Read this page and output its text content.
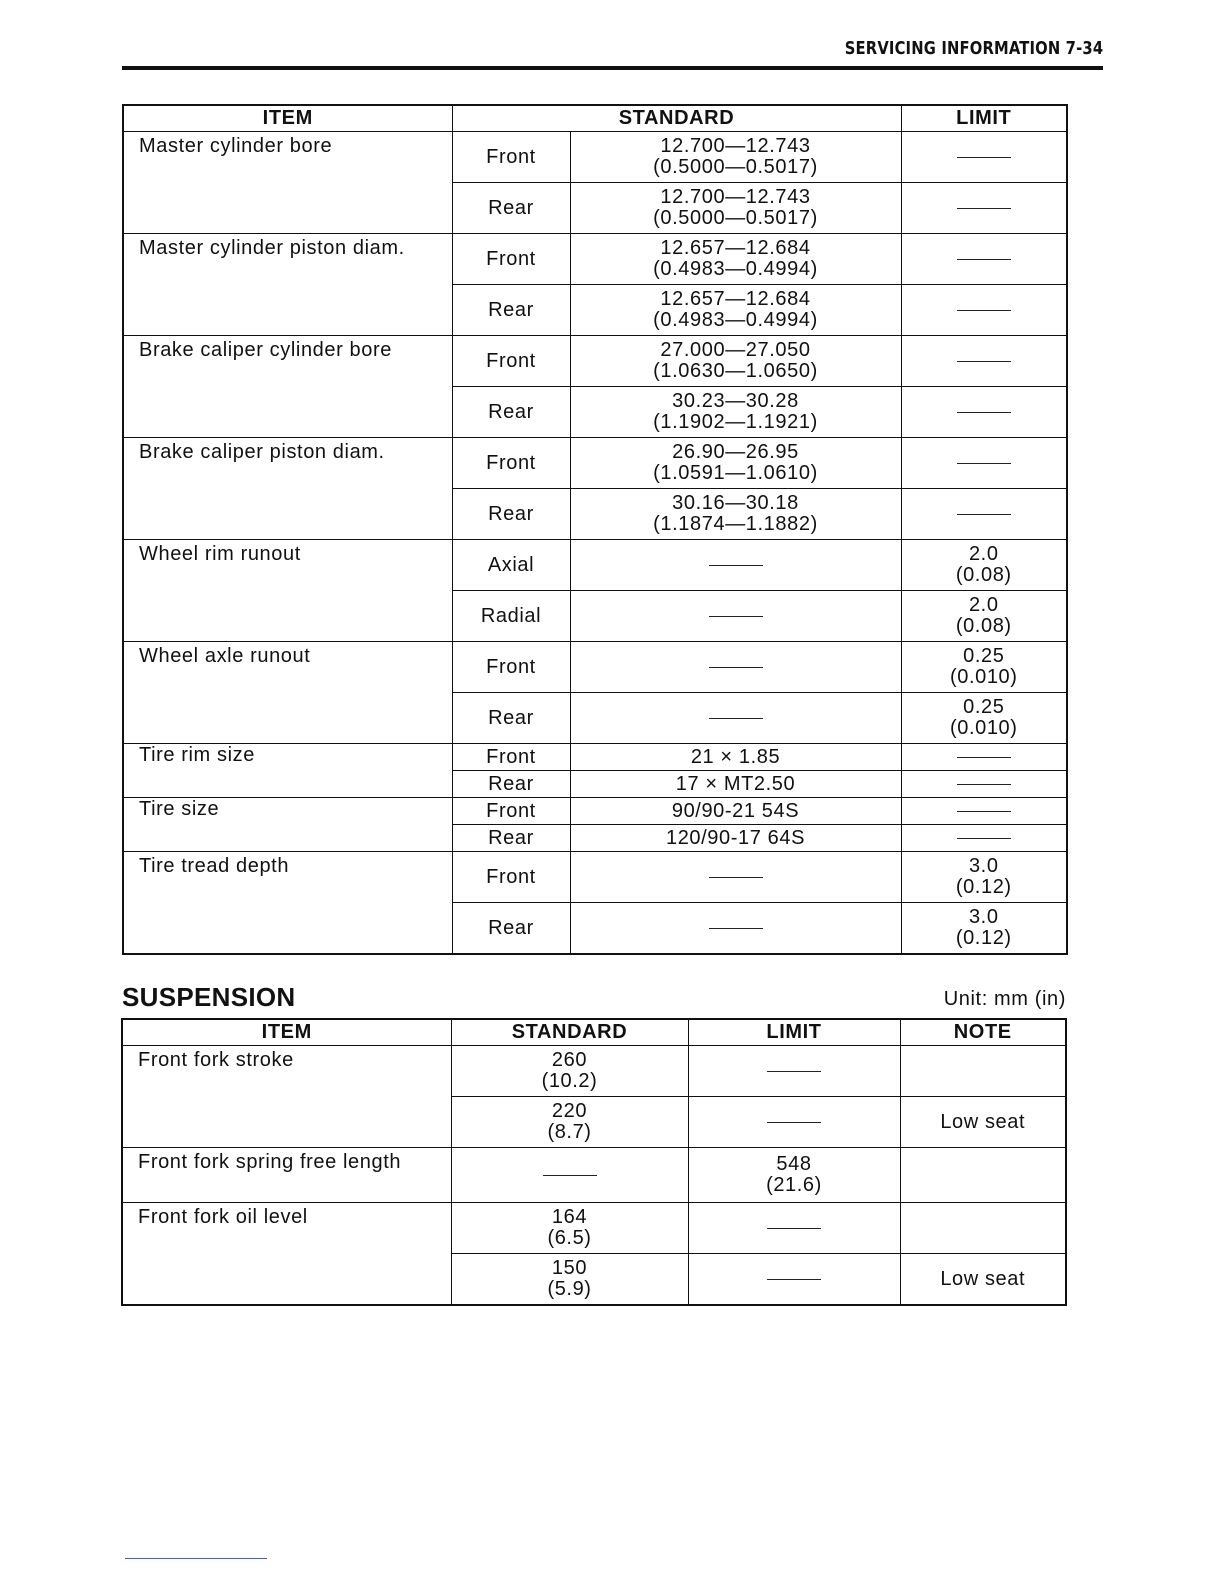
SERVICING INFORMATION 7-34
ITEM	STANDARD		LIMIT
Master cylinder bore	Front	12.700—12.743
(0.5000—0.5017)	

	Rear	12.700—12.743
(0.5000—0.5017)	

Master cylinder piston diam.	Front	12.657—12.684
(0.4983—0.4994)	

	Rear	12.657—12.684
(0.4983—0.4994)	

Brake caliper cylinder bore	Front	27.000—27.050
(1.0630—1.0650)	

	Rear	30.23—30.28
(1.1902—1.1921)	

Brake caliper piston diam.	Front	26.90—26.95
(1.0591—1.0610)	

	Rear	30.16—30.18
(1.1874—1.1882)	

Wheel rim runout	Axial		2.0
(0.08)

	Radial		2.0
(0.08)

Wheel axle runout	Front		0.25
(0.010)

	Rear		0.25
(0.010)

Tire rim size	Front	21 × 1.85	

	Rear	17 × MT2.50	

Tire size	Front	90/90-21 54S	

	Rear	120/90-17 64S	

Tire tread depth	Front		3.0
(0.12)

	Rear		3.0
(0.12)
SUSPENSION	Unit: mm (in)
ITEM	STANDARD	LIMIT	NOTE
Front fork stroke	260
(10.2)		

	220
(8.7)		Low seat
Front fork spring free length		548
(21.6)	

Front fork oil level	164
(6.5)		

	150
(5.9)		Low seat
